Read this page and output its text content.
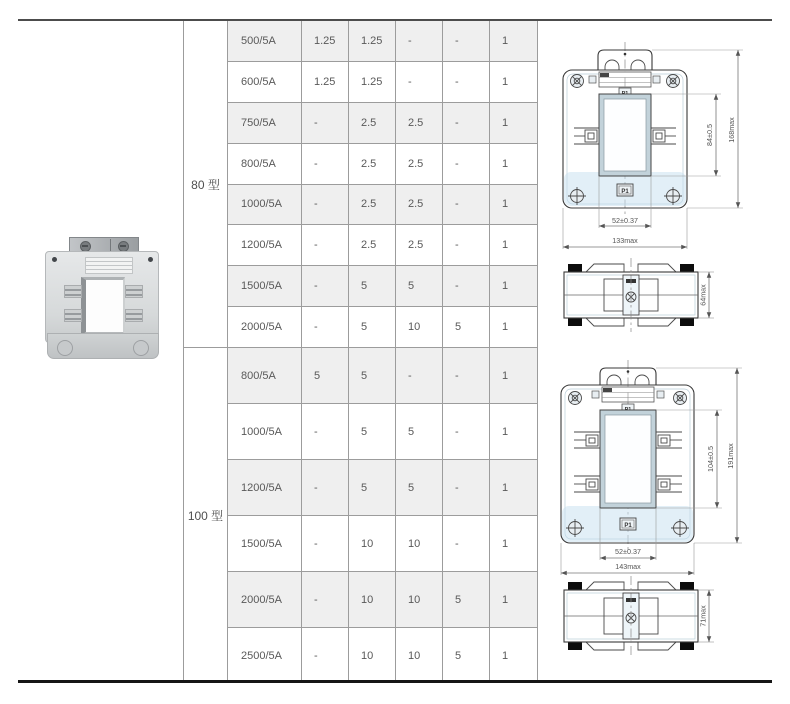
80 型
500/5A	1.25	1.25	-	-	1
600/5A	1.25	1.25	-	-	1
750/5A	-	2.5	2.5	-	1
800/5A	-	2.5	2.5	-	1
1000/5A	-	2.5	2.5	-	1
1200/5A	-	2.5	2.5	-	1
1500/5A	-	5	5	-	1
2000/5A	-	5	10	5	1
100 型
800/5A	5	5	-	-	1
1000/5A	-	5	5	-	1
1200/5A	-	5	5	-	1
1500/5A	-	10	10	-	1
2000/5A	-	10	10	5	1
2500/5A	-	10	10	5	1
P1
84±0.5 168max
52±0.37
133max
64max
P1
104±0.5 191max
52±0.37
143max
71max
